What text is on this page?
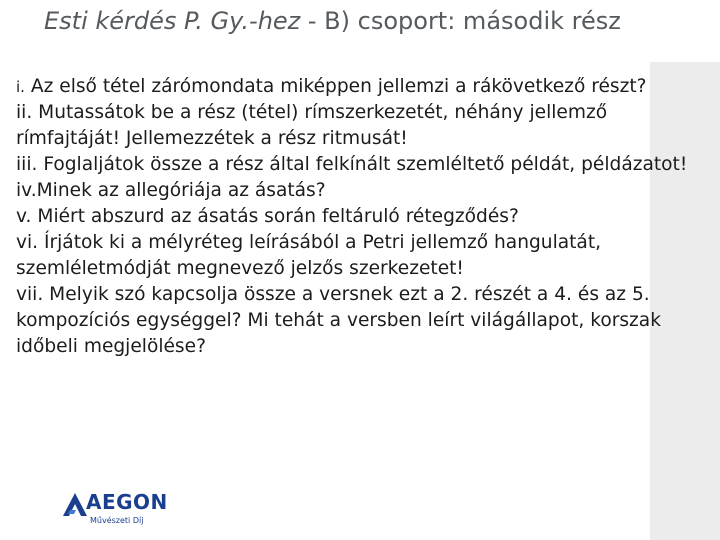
Esti kérdés P. Gy.-hez - B) csoport: második rész
i. Az első tétel zárómondata miképpen jellemzi a rákövetkező részt?
ii. Mutassátok be a rész (tétel) rímszerkezetét, néhány jellemző rímfajtáját! Jellemezzétek a rész ritmusát!
iii. Foglaljátok össze a rész által felkínált szemléltető példát, példázatot!
iv.Minek az allegóriája az ásatás?
v. Miért abszurd az ásatás során feltáruló rétegződés?
vi. Írjátok ki a mélyréteg leírásából a Petri jellemző hangulatát, szemléletmódját megnevező jelzős szerkezetet!
vii. Melyik szó kapcsolja össze a versnek ezt a 2. részét a 4. és az 5. kompozíciós egységgel? Mi tehát a versben leírt világállapot, korszak időbeli megjelölése?
AEGON
Művészeti Díj
